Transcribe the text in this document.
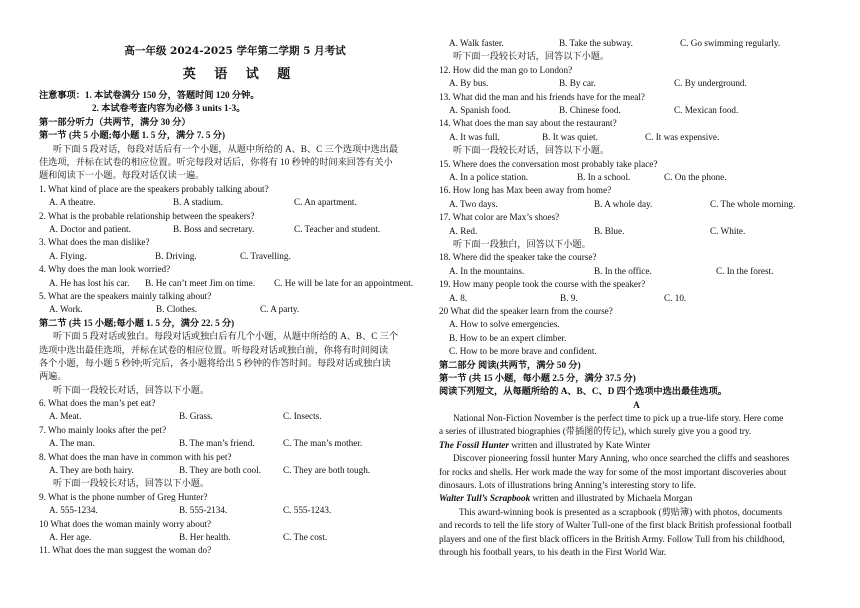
高一年级 2024-2025 学年第二学期 5 月考试
英 语 试 题
注意事项：1. 本试卷满分 150 分，答题时间 120 分钟。
2. 本试卷考查内容为必修 3 units 1-3。
第一部分听力（共两节，满分 30 分）
第一节 (共 5 小题;每小题 1. 5 分，满分 7. 5 分)
听下面 5 段对话，每段对话后有一个小题，从题中所给的 A、B、C 三个选项中选出最
佳选项，并标在试卷的相应位置。听完每段对话后，你将有 10 秒钟的时间来回答有关小
题和阅读下一小题。每段对话仅读一遍。
1. What kind of place are the speakers probably talking about?
A. A theatre.	B. A stadium.	C. An apartment.
2. What is the probable relationship between the speakers?
A. Doctor and patient.	B. Boss and secretary.	C. Teacher and student.
3. What does the man dislike?
A. Flying.	B. Driving.	C. Travelling.
4. Why does the man look worried?
A. He has lost his car.	B. He can’t meet Jim on time.	C. He will be late for an appointment.
5. What are the speakers mainly talking about?
A. Work.	B. Clothes.	C. A party.
第二节 (共 15 小题;每小题 1. 5 分，满分 22. 5 分)
听下面 5 段对话或独白。每段对话或独白后有几个小题，从题中所给的 A、B、C 三个
选项中选出最佳选项，并标在试卷的相应位置。听每段对话或独白前，你将有时间阅读
各个小题，每小题 5 秒钟;听完后，各小题将给出 5 秒钟的作答时间。每段对话或独白读
两遍。
听下面一段较长对话，回答以下小题。
6. What does the man’s pet eat?
A. Meat.	B. Grass.	C. Insects.
7. Who mainly looks after the pet?
A. The man.	B. The man’s friend.	C. The man’s mother.
8. What does the man have in common with his pet?
A. They are both hairy.	B. They are both cool.	C. They are both tough.
听下面一段较长对话，回答以下小题。
9. What is the phone number of Greg Hunter?
A. 555-1234.	B. 555-2134.	C. 555-1243.
10 What does the woman mainly worry about?
A. Her age.	B. Her health.	C. The cost.
11. What does the man suggest the woman do?
A. Walk faster.	B. Take the subway.	C. Go swimming regularly.
听下面一段较长对话，回答以下小题。
12. How did the man go to London?
A. By bus.	B. By car.	C. By underground.
13. What did the man and his friends have for the meal?
A. Spanish food.	B. Chinese food.	C. Mexican food.
14. What does the man say about the restaurant?
A. It was full.	B. It was quiet.	C. It was expensive.
听下面一段较长对话，回答以下小题。
15. Where does the conversation most probably take place?
A. In a police station.	B. In a school.	C. On the phone.
16. How long has Max been away from home?
A. Two days.	B. A whole day.	C. The whole morning.
17. What color are Max’s shoes?
A. Red.	B. Blue.	C. White.
听下面一段独白，回答以下小题。
18. Where did the speaker take the course?
A. In the mountains.	B. In the office.	C. In the forest.
19. How many people took the course with the speaker?
A. 8.	B. 9.	C. 10.
20 What did the speaker learn from the course?
A. How to solve emergencies.
B. How to be an expert climber.
C. How to be more brave and confident.
第二部分 阅读(共两节，满分 50 分)
第一节 (共 15 小题，每小题 2.5 分，满分 37.5 分)
阅读下列短文，从每题所给的 A、B、C、D 四个选项中选出最佳选项。
A
National Non-Fiction November is the perfect time to pick up a true-life story. Here come
a series of illustrated biographies (带插图的传记), which surely give you a good try.
The Fossil Hunter written and illustrated by Kate Winter
Discover pioneering fossil hunter Mary Anning, who once searched the cliffs and seashores
for rocks and shells. Her work made the way for some of the most important discoveries about
dinosaurs. Lots of illustrations bring Anning’s interesting story to life.
Walter Tull’s Scrapbook written and illustrated by Michaela Morgan
This award-winning book is presented as a scrapbook (剪贴簿) with photos, documents
and records to tell the life story of Walter Tull-one of the first black British professional football
players and one of the first black officers in the British Army. Follow Tull from his childhood,
through his football years, to his death in the First World War.
